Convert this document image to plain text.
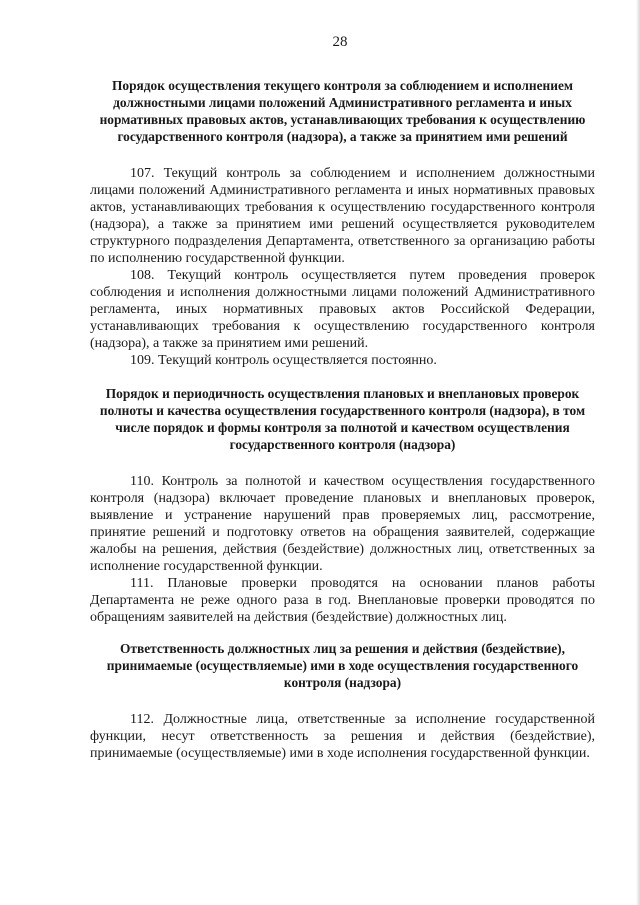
28

Порядок осуществления текущего контроля за соблюдением и исполнением должностными лицами положений Административного регламента и иных нормативных правовых актов, устанавливающих требования к осуществлению государственного контроля (надзора), а также за принятием ими решений

107. Текущий контроль за соблюдением и исполнением должностными лицами положений Административного регламента и иных нормативных правовых актов, устанавливающих требования к осуществлению государственного контроля (надзора), а также за принятием ими решений осуществляется руководителем структурного подразделения Департамента, ответственного за организацию работы по исполнению государственной функции.

108. Текущий контроль осуществляется путем проведения проверок соблюдения и исполнения должностными лицами положений Административного регламента, иных нормативных правовых актов Российской Федерации, устанавливающих требования к осуществлению государственного контроля (надзора), а также за принятием ими решений.

109. Текущий контроль осуществляется постоянно.

Порядок и периодичность осуществления плановых и внеплановых проверок полноты и качества осуществления государственного контроля (надзора), в том числе порядок и формы контроля за полнотой и качеством осуществления государственного контроля (надзора)

110. Контроль за полнотой и качеством осуществления государственного контроля (надзора) включает проведение плановых и внеплановых проверок, выявление и устранение нарушений прав проверяемых лиц, рассмотрение, принятие решений и подготовку ответов на обращения заявителей, содержащие жалобы на решения, действия (бездействие) должностных лиц, ответственных за исполнение государственной функции.

111. Плановые проверки проводятся на основании планов работы Департамента не реже одного раза в год. Внеплановые проверки проводятся по обращениям заявителей на действия (бездействие) должностных лиц.

Ответственность должностных лиц за решения и действия (бездействие), принимаемые (осуществляемые) ими в ходе осуществления государственного контроля (надзора)

112. Должностные лица, ответственные за исполнение государственной функции, несут ответственность за решения и действия (бездействие), принимаемые (осуществляемые) ими в ходе исполнения государственной функции.
